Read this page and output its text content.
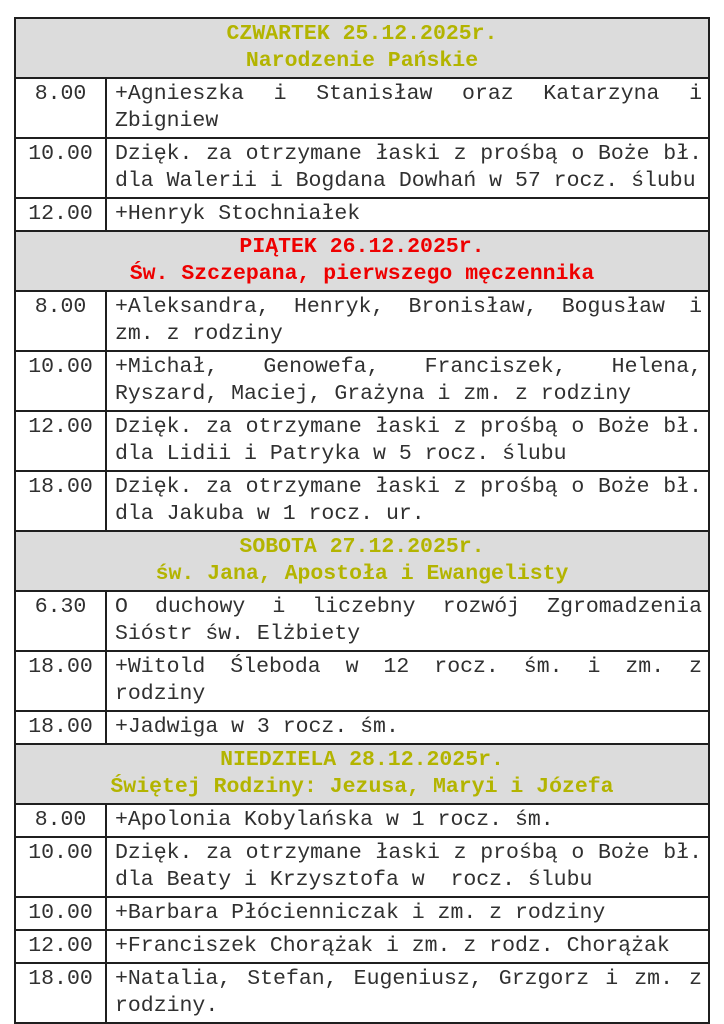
CZWARTEK 25.12.2025r.
Narodzenie Pańskie	

8.00	+Agnieszka i Stanisław oraz Katarzyna i Zbigniew
10.00	Dzięk. za otrzymane łaski z prośbą o Boże bł. dla Walerii i Bogdana Dowhań w 57 rocz. ślubu
12.00	+Henryk Stochniałek

PIĄTEK 26.12.2025r.
Św. Szczepana, pierwszego męczennika	

8.00	+Aleksandra, Henryk, Bronisław, Bogusław i zm. z rodziny
10.00	+Michał, Genowefa, Franciszek, Helena, Ryszard, Maciej, Grażyna i zm. z rodziny
12.00	Dzięk. za otrzymane łaski z prośbą o Boże bł. dla Lidii i Patryka w 5 rocz. ślubu
18.00	Dzięk. za otrzymane łaski z prośbą o Boże bł. dla Jakuba w 1 rocz. ur.

SOBOTA 27.12.2025r.
św. Jana, Apostoła i Ewangelisty	

6.30	O duchowy i liczebny rozwój Zgromadzenia Sióstr św. Elżbiety
18.00	+Witold Śleboda w 12 rocz. śm. i zm. z rodziny
18.00	+Jadwiga w 3 rocz. śm.

NIEDZIELA 28.12.2025r.
Świętej Rodziny: Jezusa, Maryi i Józefa	

8.00	+Apolonia Kobylańska w 1 rocz. śm.
10.00	Dzięk. za otrzymane łaski z prośbą o Boże bł. dla Beaty i Krzysztofa w  rocz. ślubu
10.00	+Barbara Płócienniczak i zm. z rodziny
12.00	+Franciszek Chorążak i zm. z rodz. Chorążak
18.00	+Natalia, Stefan, Eugeniusz, Grzgorz i zm. z rodziny.
